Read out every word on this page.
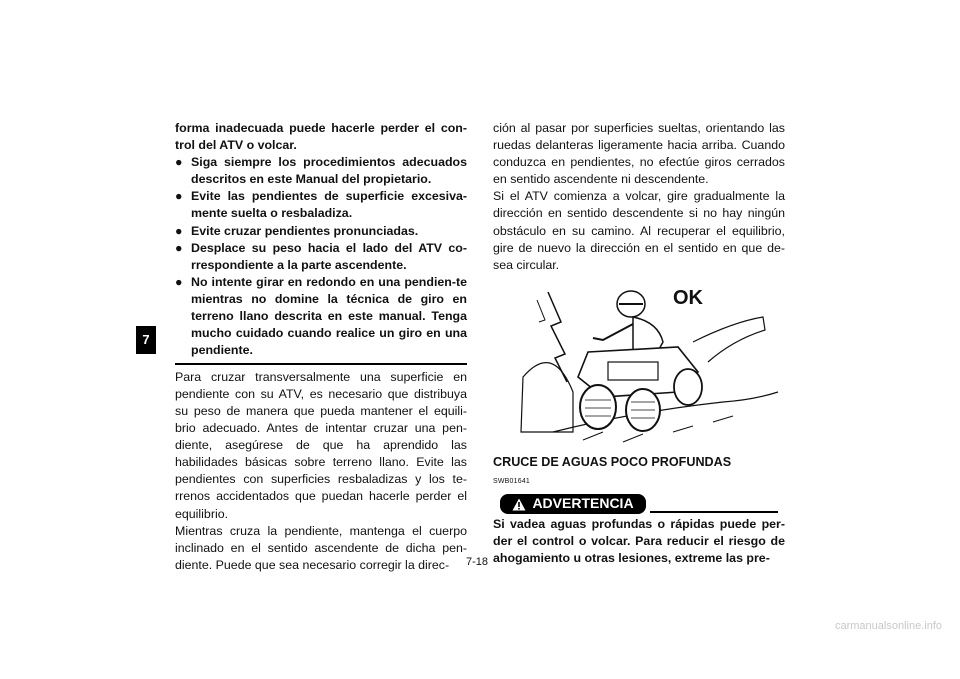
7

forma inadecuada puede hacerle perder el con-trol del ATV o volcar.

● Siga siempre los procedimientos adecuados descritos en este Manual del propietario.
● Evite las pendientes de superficie excesiva-mente suelta o resbaladiza.
● Evite cruzar pendientes pronunciadas.
● Desplace su peso hacia el lado del ATV co-rrespondiente a la parte ascendente.
● No intente girar en redondo en una pendien-te mientras no domine la técnica de giro en terreno llano descrita en este manual. Tenga mucho cuidado cuando realice un giro en una pendiente.

Para cruzar transversalmente una superficie en pendiente con su ATV, es necesario que distribuya su peso de manera que pueda mantener el equili-brio adecuado. Antes de intentar cruzar una pen-diente, asegúrese de que ha aprendido las habilidades básicas sobre terreno llano. Evite las pendientes con superficies resbaladizas y los te-rrenos accidentados que puedan hacerle perder el equilibrio.

Mientras cruza la pendiente, mantenga el cuerpo inclinado en el sentido ascendente de dicha pen-diente. Puede que sea necesario corregir la direc-

ción al pasar por superficies sueltas, orientando las ruedas delanteras ligeramente hacia arriba. Cuando conduzca en pendientes, no efectúe giros cerrados en sentido ascendente ni descendente.

Si el ATV comienza a volcar, gire gradualmente la dirección en sentido descendente si no hay ningún obstáculo en su camino. Al recuperar el equilibrio, gire de nuevo la dirección en el sentido en que de-sea circular.

OK
CRUCE DE AGUAS POCO PROFUNDAS
SWB01641
ADVERTENCIA

Si vadea aguas profundas o rápidas puede per-der el control o volcar. Para reducir el riesgo de ahogamiento u otras lesiones, extreme las pre-

7-18
carmanualsonline.info
